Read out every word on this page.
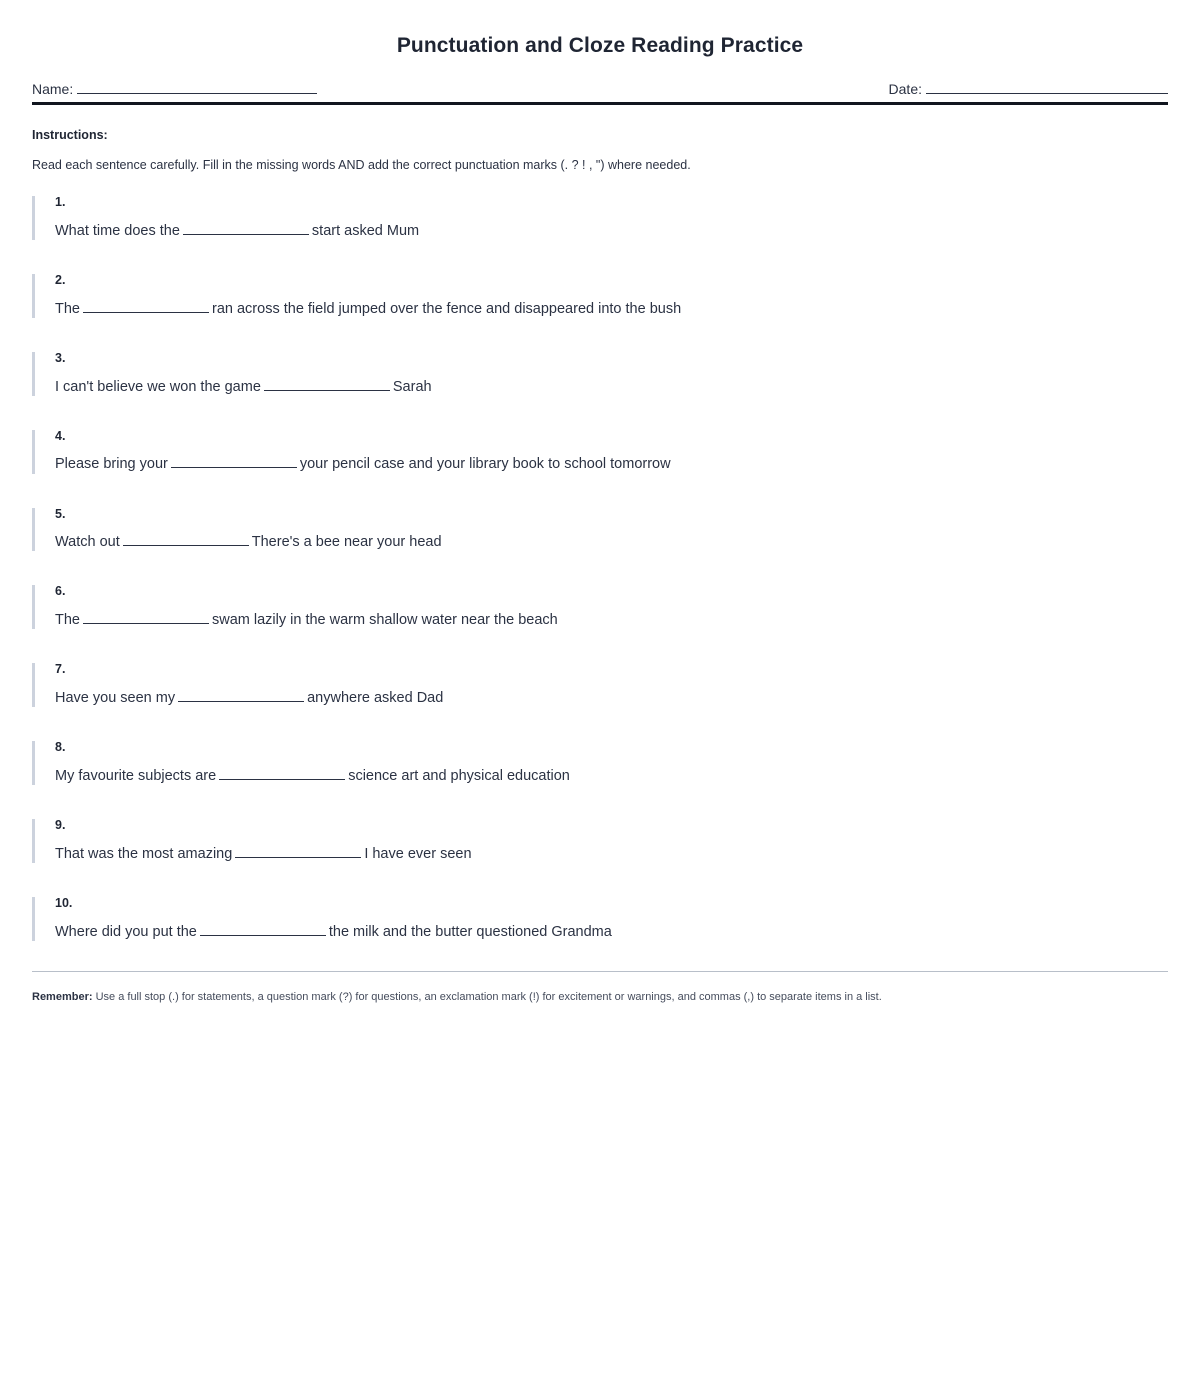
Punctuation and Cloze Reading Practice
Name:	Date:
Instructions:
Read each sentence carefully. Fill in the missing words AND add the correct punctuation marks (. ? ! , ") where needed.
1.
What time does the	start asked Mum
2.
The	ran across the field jumped over the fence and disappeared into the bush
3.
I can't believe we won the game	Sarah
4.
Please bring your	your pencil case and your library book to school tomorrow
5.
Watch out	There's a bee near your head
6.
The	swam lazily in the warm shallow water near the beach
7.
Have you seen my	anywhere asked Dad
8.
My favourite subjects are	science art and physical education
9.
That was the most amazing	I have ever seen
10.
Where did you put the	the milk and the butter questioned Grandma
Remember: Use a full stop (.) for statements, a question mark (?) for questions, an exclamation mark (!) for excitement or warnings, and commas (,) to separate items in a list.
